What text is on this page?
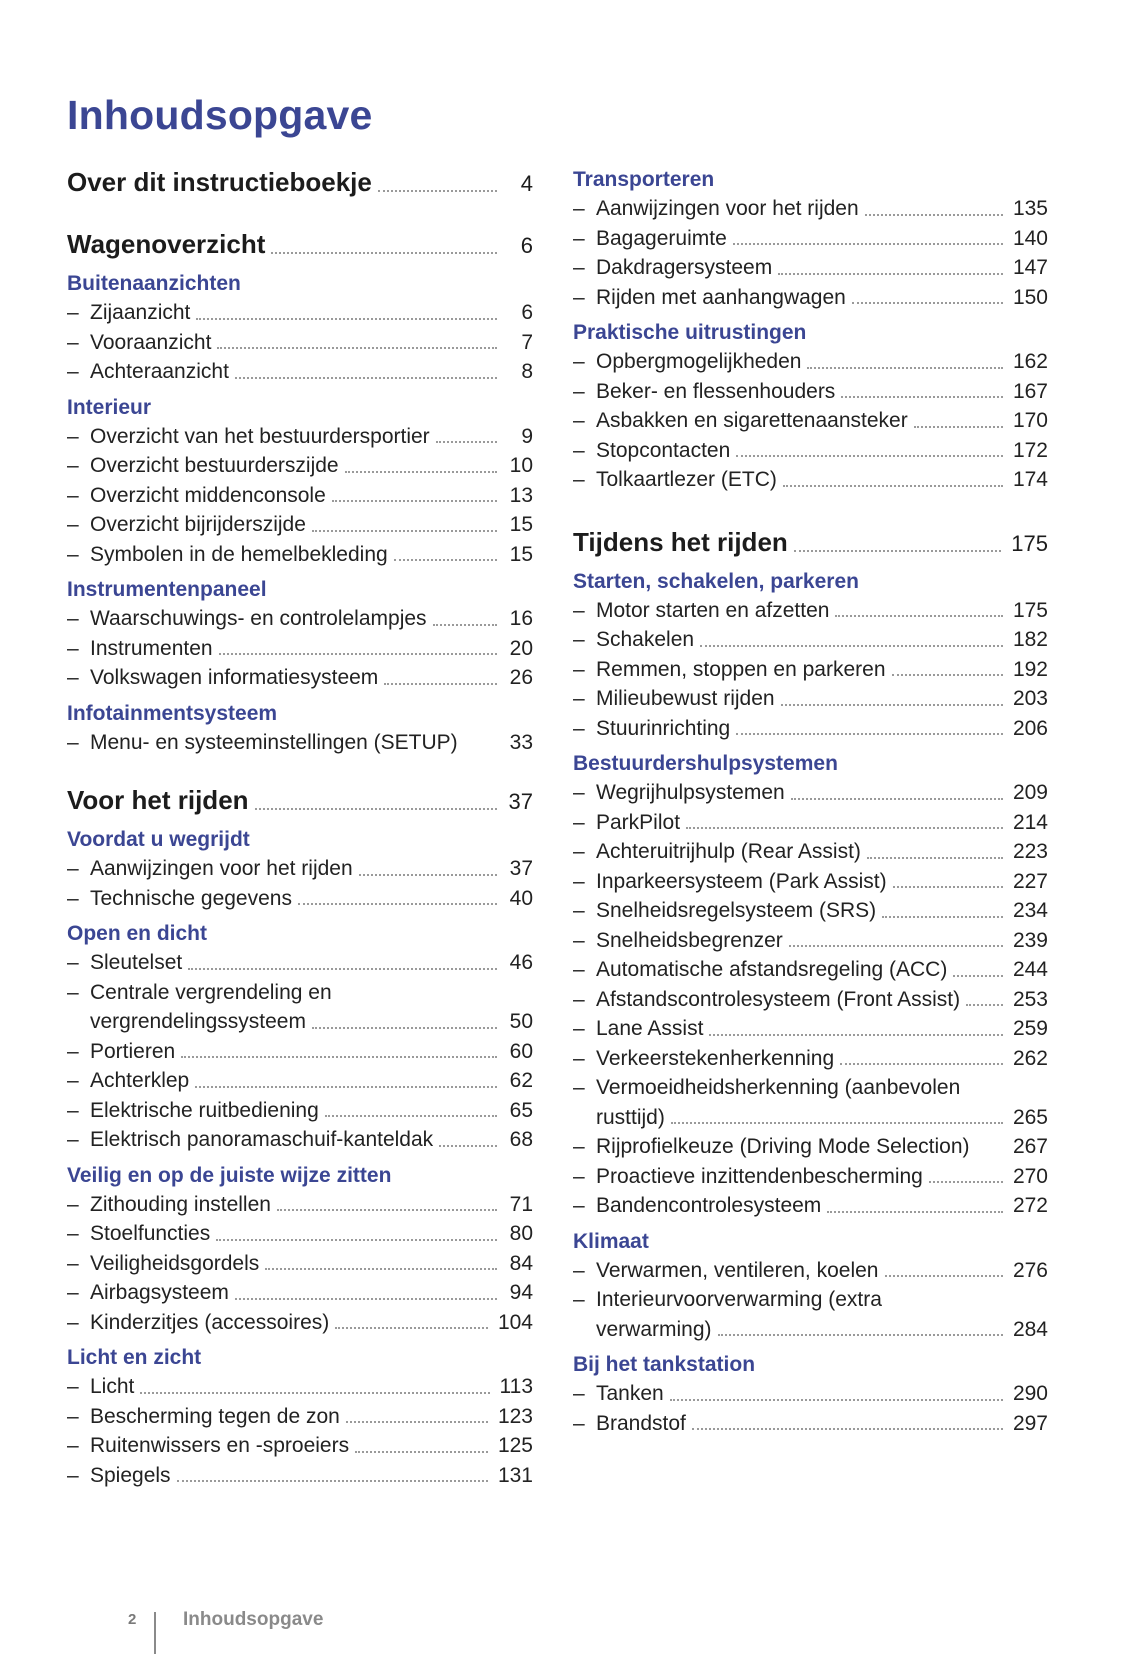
Inhoudsopgave
Over dit instructieboekje	4
Wagenoverzicht	6
Buitenaanzichten
– Zijaanzicht	6
– Vooraanzicht	7
– Achteraanzicht	8
Interieur
– Overzicht van het bestuurdersportier	9
– Overzicht bestuurderszijde	10
– Overzicht middenconsole	13
– Overzicht bijrijderszijde	15
– Symbolen in de hemelbekleding	15
Instrumentenpaneel
– Waarschuwings- en controlelampjes	16
– Instrumenten	20
– Volkswagen informatiesysteem	26
Infotainmentsysteem
– Menu- en systeeminstellingen (SETUP) 33
Voor het rijden	37
Voordat u wegrijdt
– Aanwijzingen voor het rijden	37
– Technische gegevens	40
Open en dicht
– Sleutelset	46
– Centrale vergrendeling en
vergrendelingssysteem	50
– Portieren	60
– Achterklep	62
– Elektrische ruitbediening	65
– Elektrisch panoramaschuif-kanteldak	68
Veilig en op de juiste wijze zitten
– Zithouding instellen	71
– Stoelfuncties	80
– Veiligheidsgordels	84
– Airbagsysteem	94
– Kinderzitjes (accessoires)	104
Licht en zicht
– Licht	113
– Bescherming tegen de zon	123
– Ruitenwissers en -sproeiers	125
– Spiegels	131
Transporteren
– Aanwijzingen voor het rijden	135
– Bagageruimte	140
– Dakdragersysteem	147
– Rijden met aanhangwagen	150
Praktische uitrustingen
– Opbergmogelijkheden	162
– Beker- en flessenhouders	167
– Asbakken en sigarettenaansteker	170
– Stopcontacten	172
– Tolkaartlezer (ETC)	174
Tijdens het rijden	175
Starten, schakelen, parkeren
– Motor starten en afzetten	175
– Schakelen	182
– Remmen, stoppen en parkeren	192
– Milieubewust rijden	203
– Stuurinrichting	206
Bestuurdershulpsystemen
– Wegrijhulpsystemen	209
– ParkPilot	214
– Achteruitrijhulp (Rear Assist)	223
– Inparkeersysteem (Park Assist)	227
– Snelheidsregelsysteem (SRS)	234
– Snelheidsbegrenzer	239
– Automatische afstandsregeling (ACC)	244
– Afstandscontrolesysteem (Front Assist)	253
– Lane Assist	259
– Verkeerstekenherkenning	262
– Vermoeidheidsherkenning (aanbevolen
rusttijd)	265
– Rijprofielkeuze (Driving Mode Selection) 267
– Proactieve inzittendenbescherming	270
– Bandencontrolesysteem	272
Klimaat
– Verwarmen, ventileren, koelen	276
– Interieurvoorverwarming (extra
verwarming)	284
Bij het tankstation
– Tanken	290
– Brandstof	297
2 Inhoudsopgave
